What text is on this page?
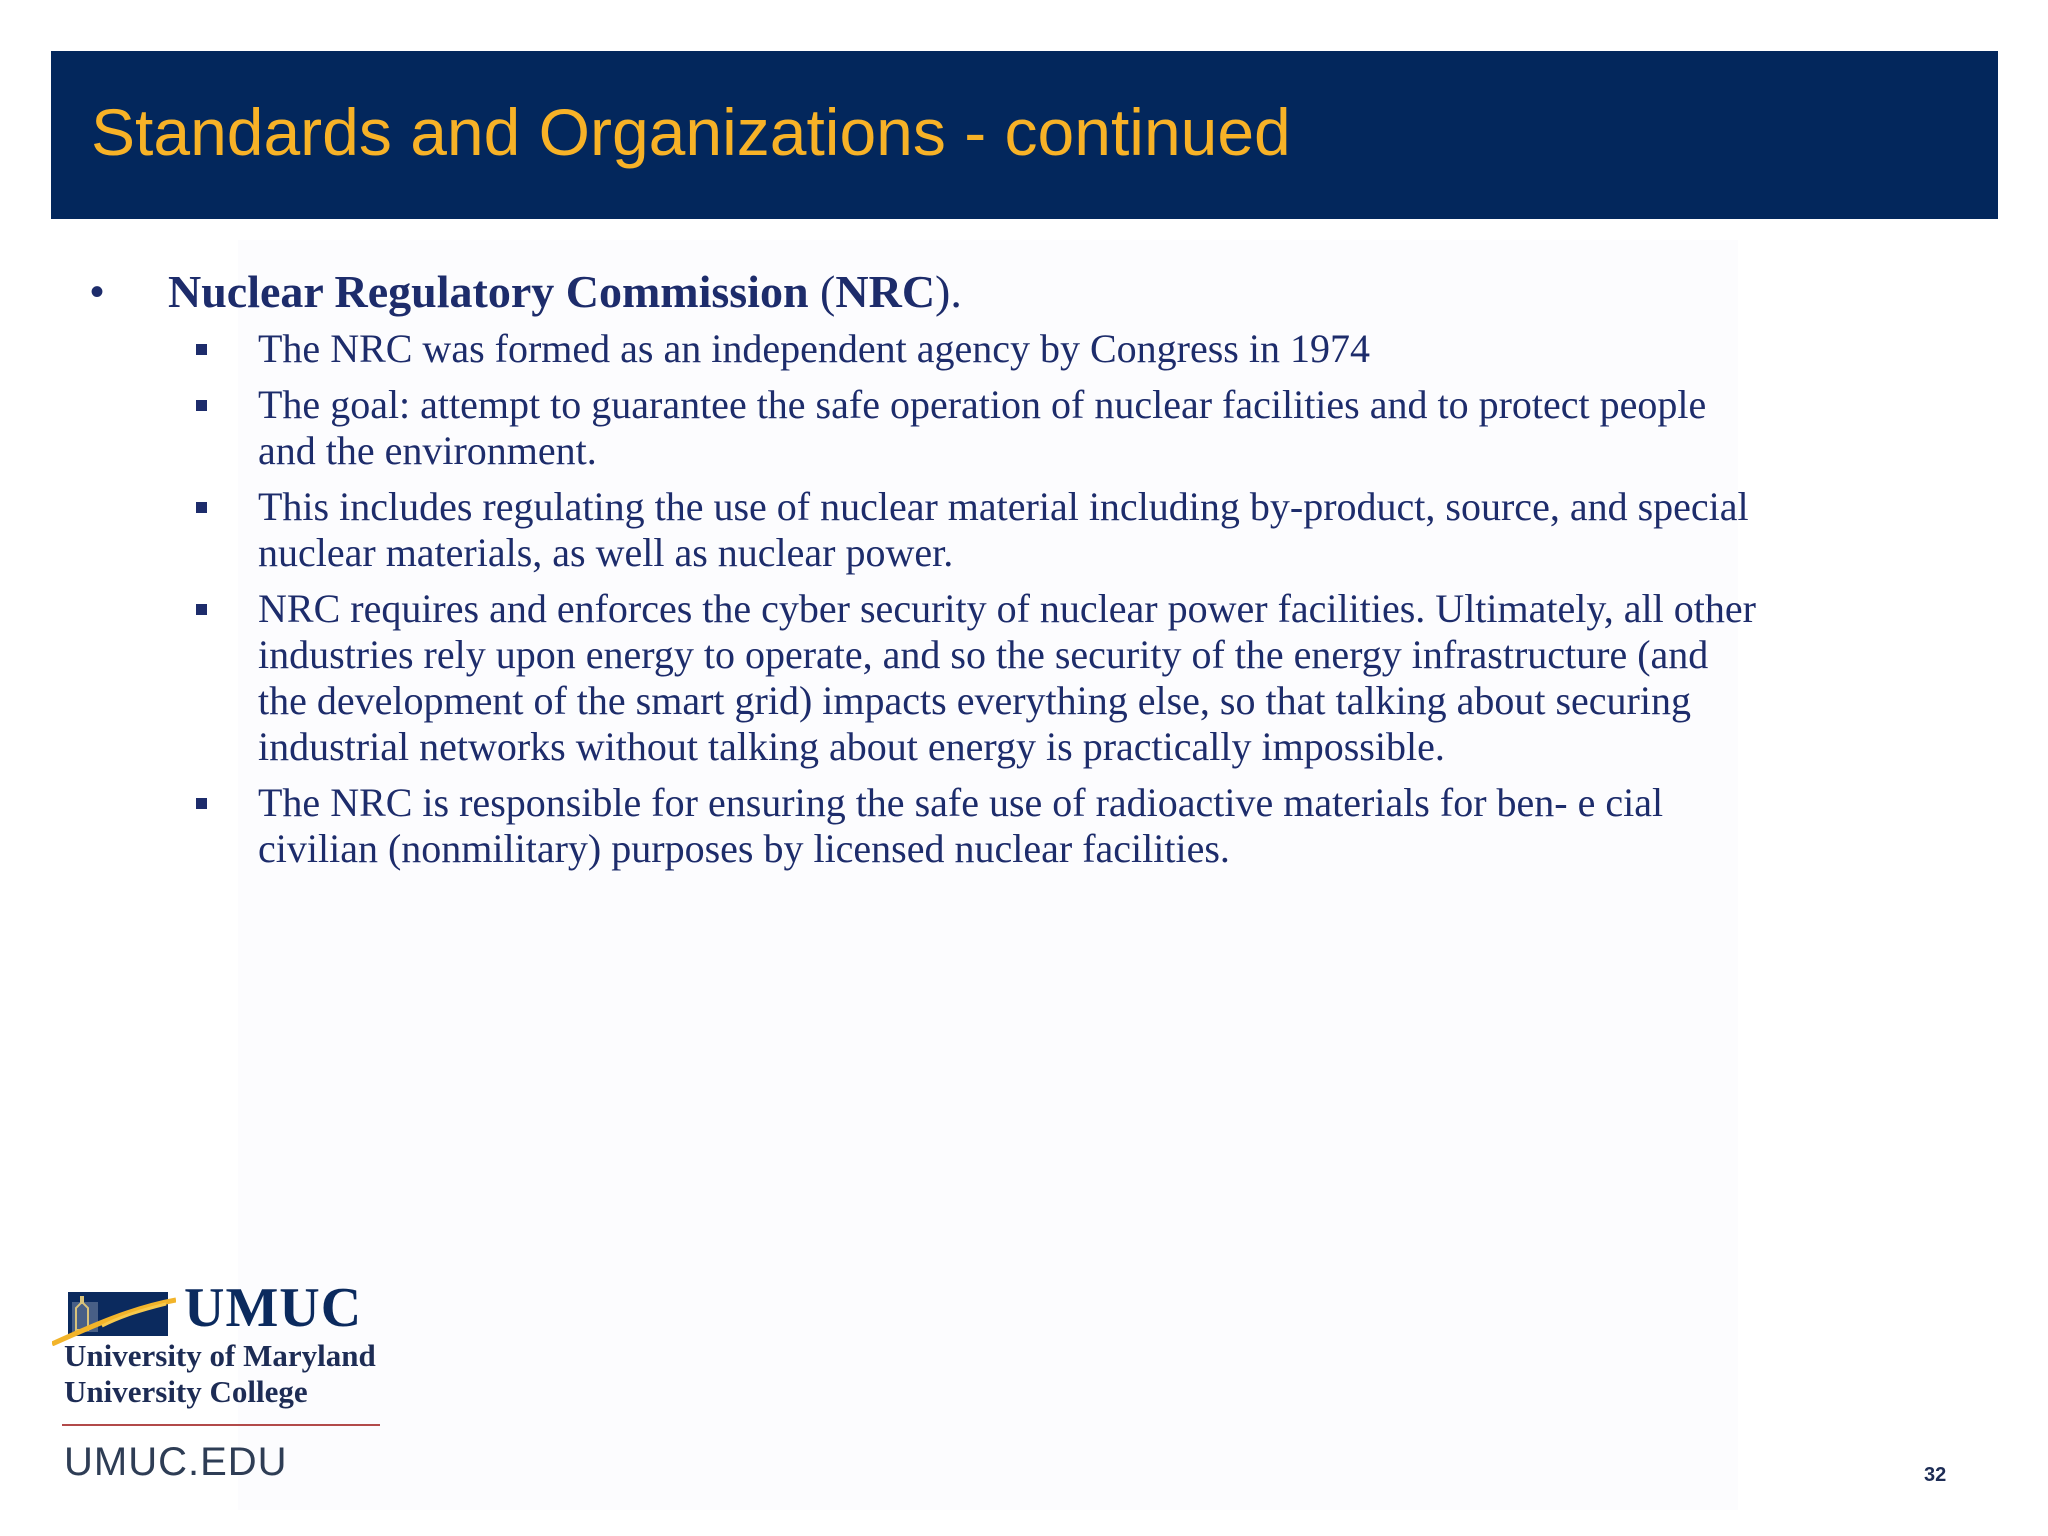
Standards and Organizations - continued
• Nuclear Regulatory Commission (NRC).
The NRC was formed as an independent agency by Congress in 1974
The goal: attempt to guarantee the safe operation of nuclear facilities and to protect people and the environment.
This includes regulating the use of nuclear material including by-product, source, and special nuclear materials, as well as nuclear power.
NRC requires and enforces the cyber security of nuclear power facilities. Ultimately, all other industries rely upon energy to operate, and so the security of the energy infrastructure (and the development of the smart grid) impacts everything else, so that talking about securing industrial networks without talking about energy is practically impossible.
The NRC is responsible for ensuring the safe use of radioactive materials for ben- e cial civilian (nonmilitary) purposes by licensed nuclear facilities.
UMUC
University of Maryland
University College
UMUC.EDU	32
